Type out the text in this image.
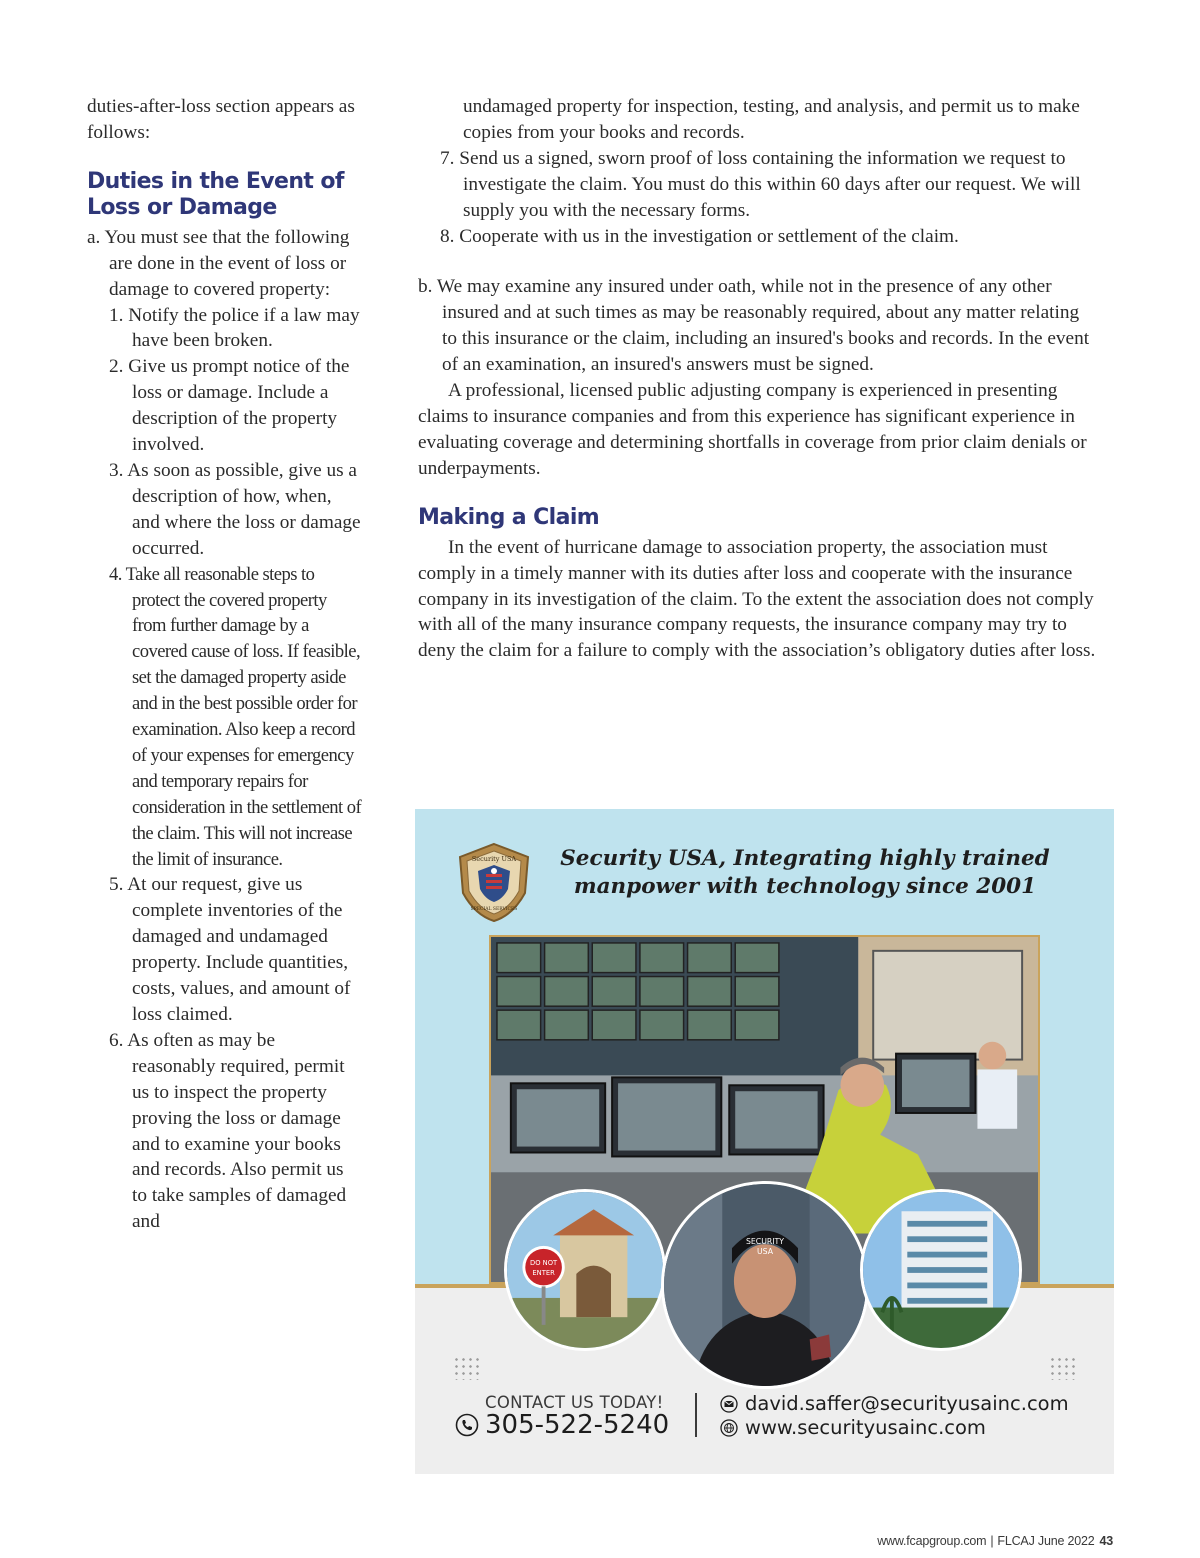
duties-after-loss section appears as follows:

Duties in the Event of Loss or Damage

a. You must see that the following are done in the event of loss or damage to covered property:

1. Notify the police if a law may have been broken.
2. Give us prompt notice of the loss or damage. Include a description of the property involved.
3. As soon as possible, give us a description of how, when, and where the loss or damage occurred.
4. Take all reasonable steps to protect the covered property from further damage by a covered cause of loss. If feasible, set the damaged property aside and in the best possible order for examination. Also keep a record of your expenses for emergency and temporary repairs for consideration in the settlement of the claim. This will not increase the limit of insurance.
5. At our request, give us complete inventories of the damaged and undamaged property. Include quantities, costs, values, and amount of loss claimed.
6. As often as may be reasonably required, permit us to inspect the property proving the loss or damage and to examine your books and records. Also permit us to take samples of damaged and
undamaged property for inspection, testing, and analysis, and permit us to make copies from your books and records.
7. Send us a signed, sworn proof of loss containing the information we request to investigate the claim. You must do this within 60 days after our request. We will supply you with the necessary forms.
8. Cooperate with us in the investigation or settlement of the claim.

b. We may examine any insured under oath, while not in the presence of any other insured and at such times as may be reasonably required, about any matter relating to this insurance or the claim, including an insured's books and records. In the event of an examination, an insured's answers must be signed.

A professional, licensed public adjusting company is experienced in presenting claims to insurance companies and from this experience has significant experience in evaluating coverage and determining shortfalls in coverage from prior claim denials or underpayments.

Making a Claim

In the event of hurricane damage to association property, the association must comply in a timely manner with its duties after loss and cooperate with the insurance company in its investigation of the claim. To the extent the association does not comply with all of the many insurance company requests, the insurance company may try to deny the claim for a failure to comply with the association’s obligatory duties after loss.

Security USA
SPECIAL SERVICES
Security USA, Integrating highly trained
manpower with technology since 2001
DO NOT
ENTER
SECURITY
USA
CONTACT US TODAY!
305-522-5240
david.saffer@securityusainc.com
www.securityusainc.com
www.fcapgroup.com | FLCAJ June 2022 43
